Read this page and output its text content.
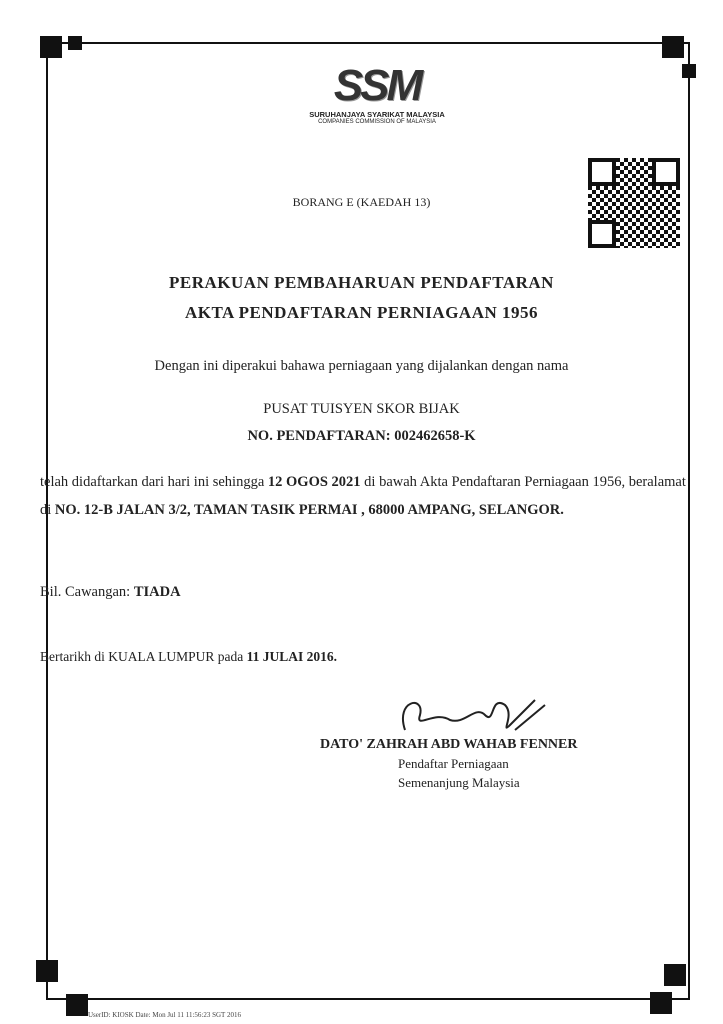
SSM
SURUHANJAYA SYARIKAT MALAYSIA
COMPANIES COMMISSION OF MALAYSIA
BORANG E (KAEDAH 13)
PERAKUAN PEMBAHARUAN PENDAFTARAN
AKTA PENDAFTARAN PERNIAGAAN 1956
Dengan ini diperakui bahawa perniagaan yang dijalankan dengan nama
PUSAT TUISYEN SKOR BIJAK
NO. PENDAFTARAN: 002462658-K
telah didaftarkan dari hari ini sehingga 12 OGOS 2021 di bawah Akta Pendaftaran Perniagaan 1956, beralamat di NO. 12-B JALAN 3/2, TAMAN TASIK PERMAI , 68000 AMPANG, SELANGOR.
Bil. Cawangan: TIADA
Bertarikh di KUALA LUMPUR pada 11 JULAI 2016.
DATO' ZAHRAH ABD WAHAB FENNER
Pendaftar Perniagaan
Semenanjung Malaysia
UserID: KIOSK Date: Mon Jul 11 11:56:23 SGT 2016
